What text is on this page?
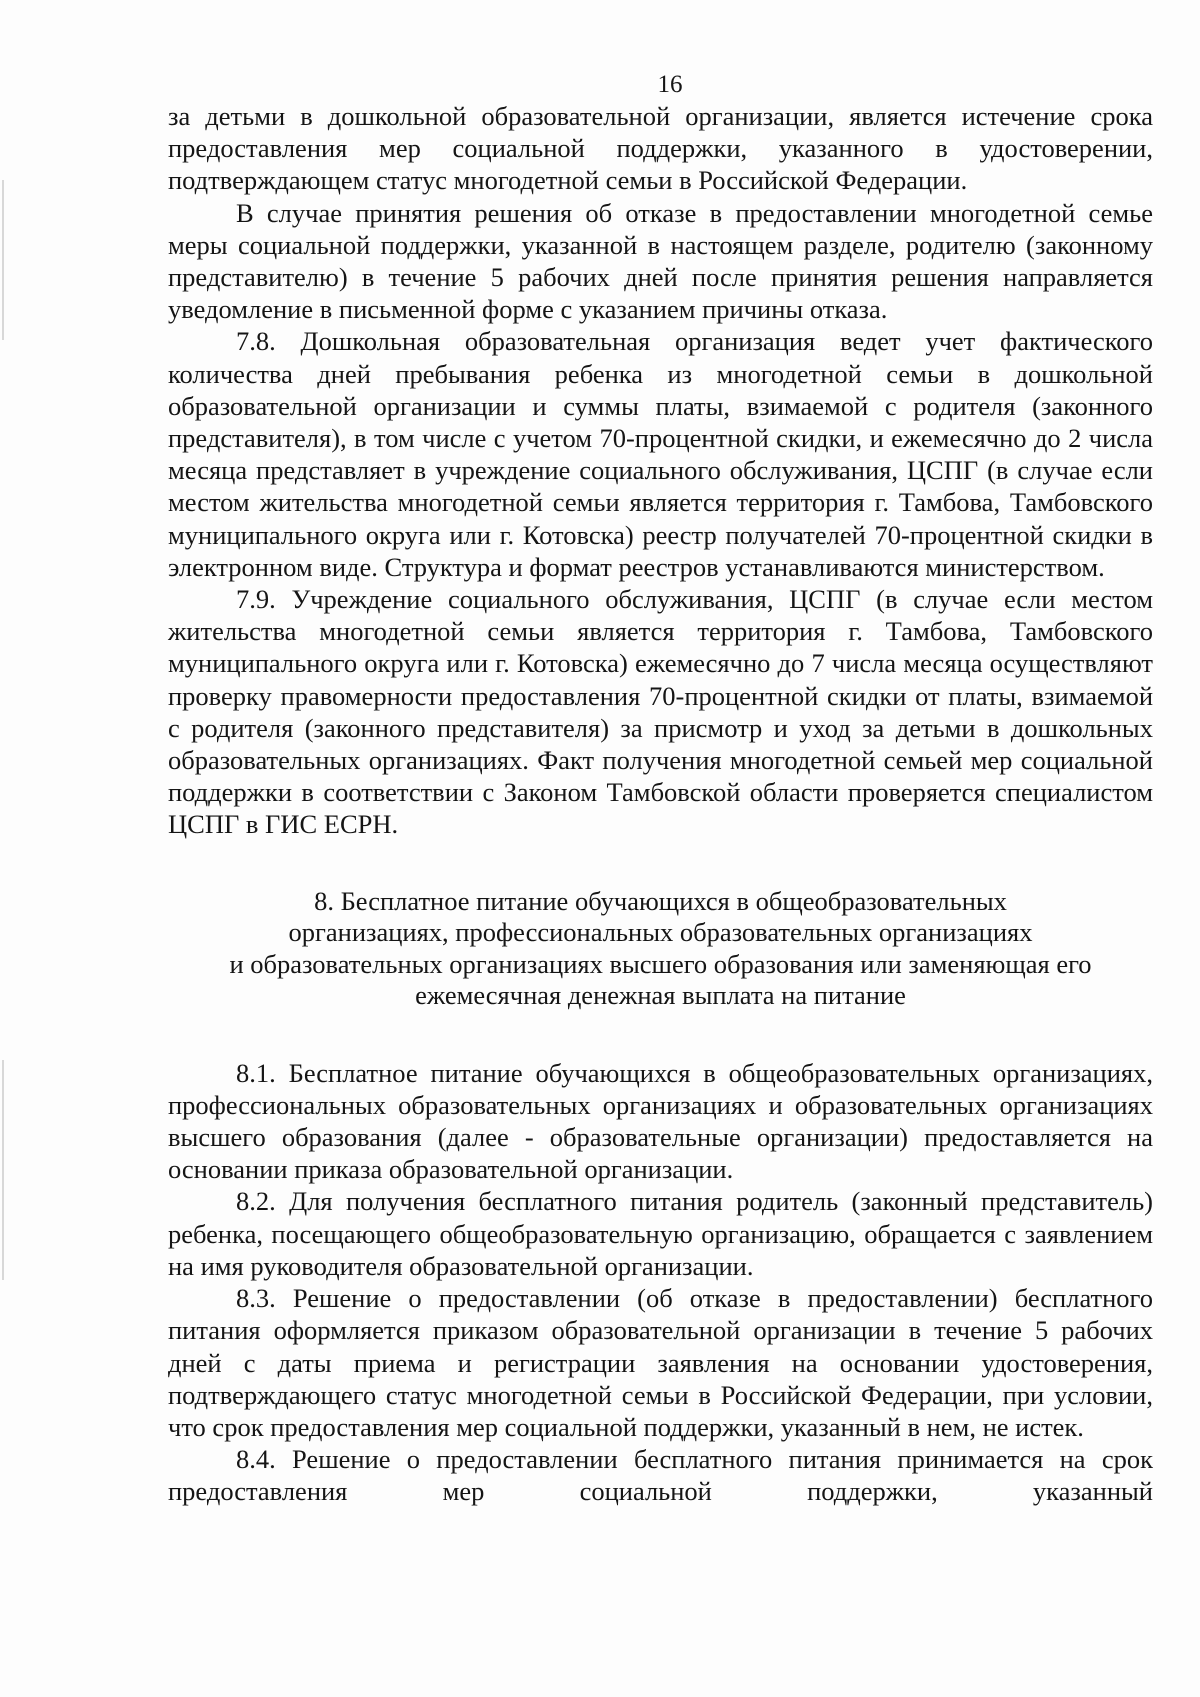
16

за детьми в дошкольной образовательной организации, является истечение срока предоставления мер социальной поддержки, указанного в удостоверении, подтверждающем статус многодетной семьи в Российской Федерации.

В случае принятия решения об отказе в предоставлении многодетной семье меры социальной поддержки, указанной в настоящем разделе, родителю (законному представителю) в течение 5 рабочих дней после принятия решения направляется уведомление в письменной форме с указанием причины отказа.

7.8. Дошкольная образовательная организация ведет учет фактического количества дней пребывания ребенка из многодетной семьи в дошкольной образовательной организации и суммы платы, взимаемой с родителя (законного представителя), в том числе с учетом 70-процентной скидки, и ежемесячно до 2 числа месяца представляет в учреждение социального обслуживания, ЦСПГ (в случае если местом жительства многодетной семьи является территория г. Тамбова, Тамбовского муниципального округа или г. Котовска) реестр получателей 70-процентной скидки в электронном виде. Структура и формат реестров устанавливаются министерством.

7.9. Учреждение социального обслуживания, ЦСПГ (в случае если местом жительства многодетной семьи является территория г. Тамбова, Тамбовского муниципального округа или г. Котовска) ежемесячно до 7 числа месяца осуществляют проверку правомерности предоставления 70-процентной скидки от платы, взимаемой с родителя (законного представителя) за присмотр и уход за детьми в дошкольных образовательных организациях. Факт получения многодетной семьей мер социальной поддержки в соответствии с Законом Тамбовской области проверяется специалистом ЦСПГ в ГИС ЕСРН.

8. Бесплатное питание обучающихся в общеобразовательных
организациях, профессиональных образовательных организациях
и образовательных организациях высшего образования или заменяющая его
ежемесячная денежная выплата на питание

8.1. Бесплатное питание обучающихся в общеобразовательных организациях, профессиональных образовательных организациях и образовательных организациях высшего образования (далее - образовательные организации) предоставляется на основании приказа образовательной организации.

8.2. Для получения бесплатного питания родитель (законный представитель) ребенка, посещающего общеобразовательную организацию, обращается с заявлением на имя руководителя образовательной организации.

8.3. Решение о предоставлении (об отказе в предоставлении) бесплатного питания оформляется приказом образовательной организации в течение 5 рабочих дней с даты приема и регистрации заявления на основании удостоверения, подтверждающего статус многодетной семьи в Российской Федерации, при условии, что срок предоставления мер социальной поддержки, указанный в нем, не истек.

8.4. Решение о предоставлении бесплатного питания принимается на срок предоставления мер социальной поддержки, указанный
